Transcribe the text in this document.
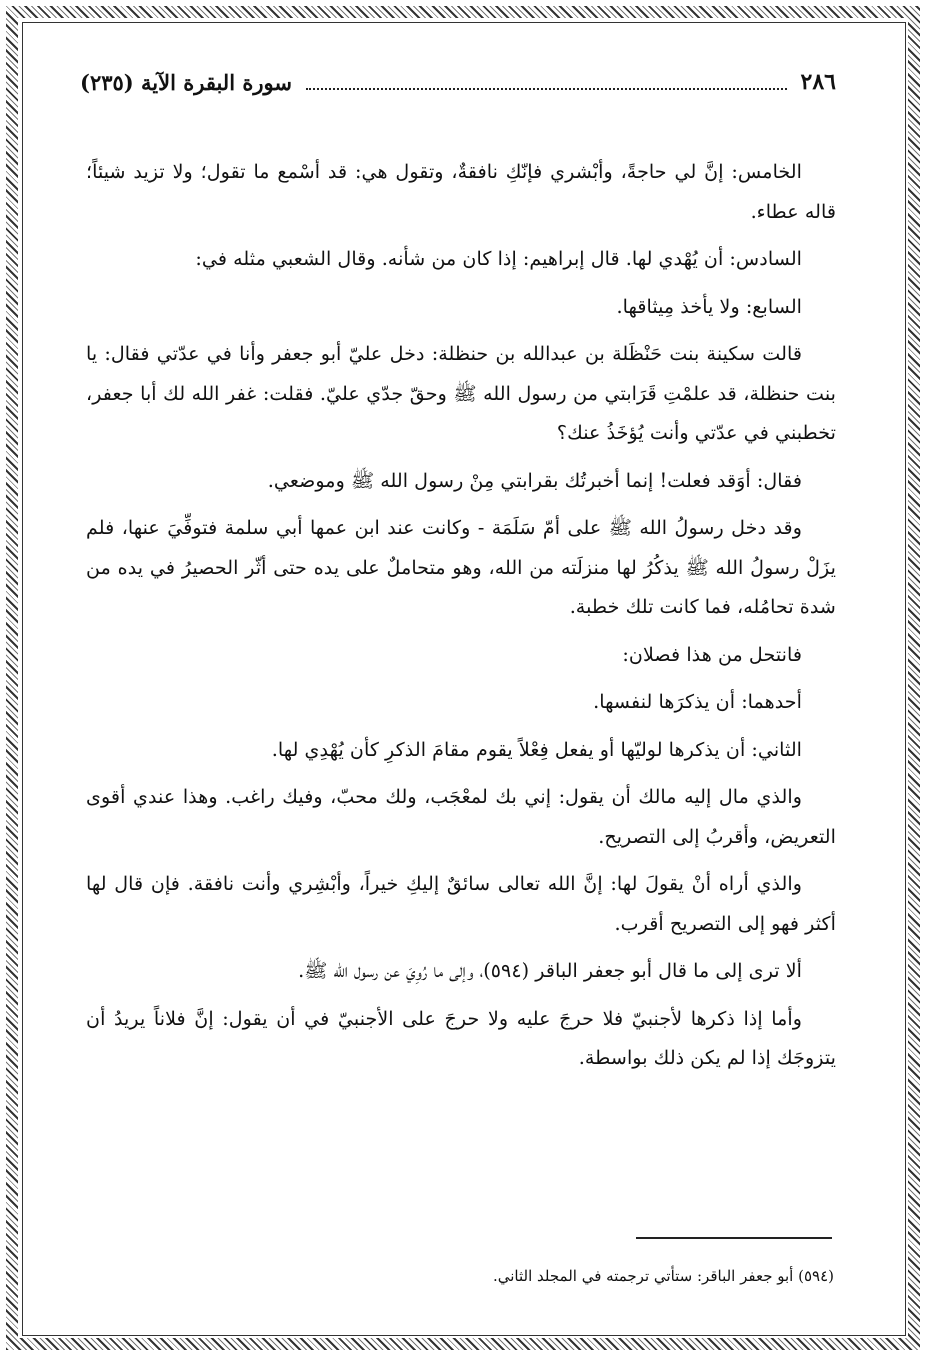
٢٨٦
سورة البقرة الآية (٢٣٥)

الخامس: إنَّ لي حاجةً، وأبْشري فإنّكِ نافقةٌ، وتقول هي: قد أسْمع ما تقول؛ ولا تزيد شيئاً؛ قاله عطاء.

السادس: أن يُهْدي لها. قال إبراهيم: إذا كان من شأنه. وقال الشعبي مثله في:

السابع: ولا يأخذ مِيثاقها.

قالت سكينة بنت حَنْظَلة بن عبدالله بن حنظلة: دخل عليّ أبو جعفر وأنا في عدّتي فقال: يا بنت حنظلة، قد علمْتِ قَرَابتي من رسول الله ﷺ وحقّ جدّي عليّ. فقلت: غفر الله لك أبا جعفر، تخطبني في عدّتي وأنت يُؤخَذُ عنك؟

فقال: أوَقد فعلت! إنما أخبرتُك بقرابتي مِنْ رسول الله ﷺ وموضعي.

وقد دخل رسولُ الله ﷺ على أمّ سَلَمَة - وكانت عند ابن عمها أبي سلمة فتوفِّيَ عنها، فلم يزَلْ رسولُ الله ﷺ يذكُرُ لها منزلَته من الله، وهو متحاملٌ على يده حتى أثّر الحصيرُ في يده من شدة تحامُله، فما كانت تلك خطبة.

فانتحل من هذا فصلان:

أحدهما: أن يذكرَها لنفسها.

الثاني: أن يذكرها لوليّها أو يفعل فِعْلاً يقوم مقامَ الذكرِ كأن يُهْدِي لها.

والذي مال إليه مالك أن يقول: إني بك لمعْجَب، ولك محبّ، وفيك راغب. وهذا عندي أقوى التعريض، وأقربُ إلى التصريح.

والذي أراه أنْ يقولَ لها: إنَّ الله تعالى سائقٌ إليكِ خيراً، وأبْشِري وأنت نافقة. فإن قال لها أكثر فهو إلى التصريح أقرب.

ألا ترى إلى ما قال أبو جعفر الباقر (٥٩٤)، وإلى ما رُوِيَ عن رسول الله ﷺ.

وأما إذا ذكرها لأجنبيّ فلا حرجَ عليه ولا حرجَ على الأجنبيّ في أن يقول: إنَّ فلاناً يريدُ أن يتزوجَك إذا لم يكن ذلك بواسطة.

(٥٩٤) أبو جعفر الباقر: ستأتي ترجمته في المجلد الثاني.
